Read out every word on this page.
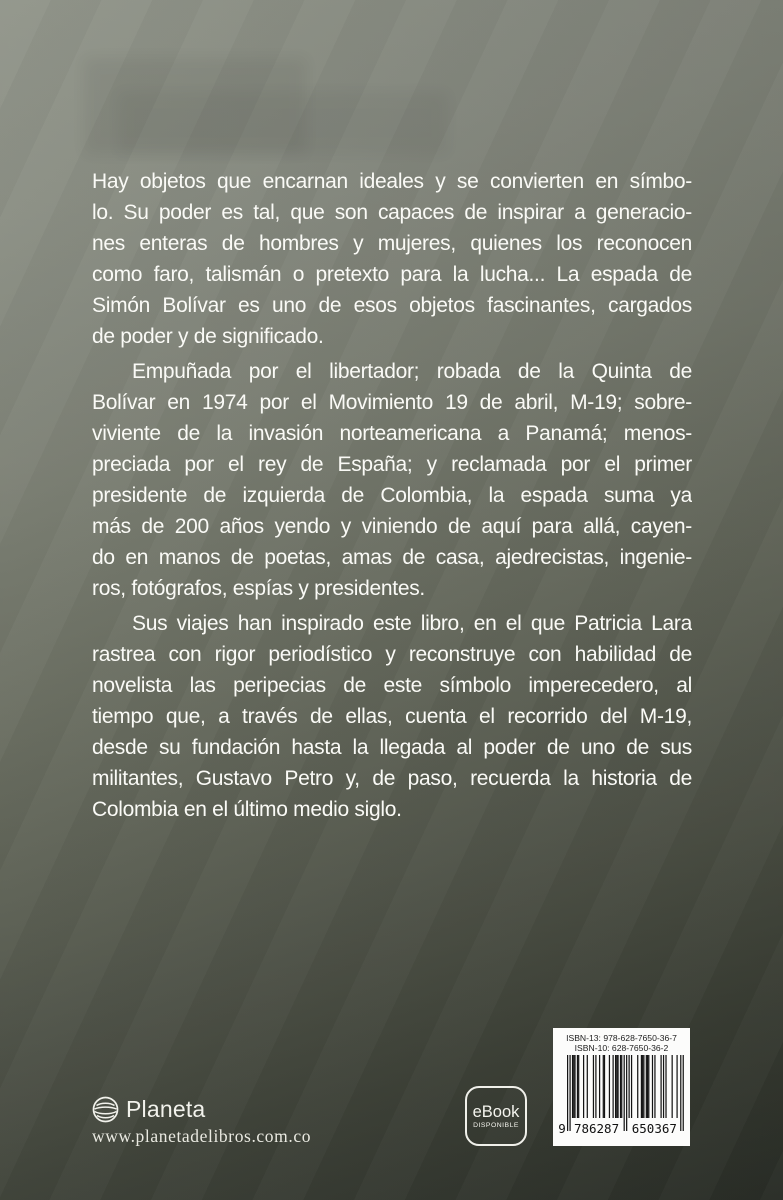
Hay objetos que encarnan ideales y se convierten en símbo-
lo. Su poder es tal, que son capaces de inspirar a generacio-
nes enteras de hombres y mujeres, quienes los reconocen
como faro, talismán o pretexto para la lucha... La espada de
Simón Bolívar es uno de esos objetos fascinantes, cargados
de poder y de significado.
Empuñada por el libertador; robada de la Quinta de
Bolívar en 1974 por el Movimiento 19 de abril, M-19; sobre-
viviente de la invasión norteamericana a Panamá; menos-
preciada por el rey de España; y reclamada por el primer
presidente de izquierda de Colombia, la espada suma ya
más de 200 años yendo y viniendo de aquí para allá, cayen-
do en manos de poetas, amas de casa, ajedrecistas, ingenie-
ros, fotógrafos, espías y presidentes.
Sus viajes han inspirado este libro, en el que Patricia Lara
rastrea con rigor periodístico y reconstruye con habilidad de
novelista las peripecias de este símbolo imperecedero, al
tiempo que, a través de ellas, cuenta el recorrido del M-19,
desde su fundación hasta la llegada al poder de uno de sus
militantes, Gustavo Petro y, de paso, recuerda la historia de
Colombia en el último medio siglo.
Planeta
www.planetadelibros.com.co
eBook
DISPONIBLE
ISBN-13: 978-628-7650-36-7
ISBN-10: 628-7650-36-2
9 786287 650367
